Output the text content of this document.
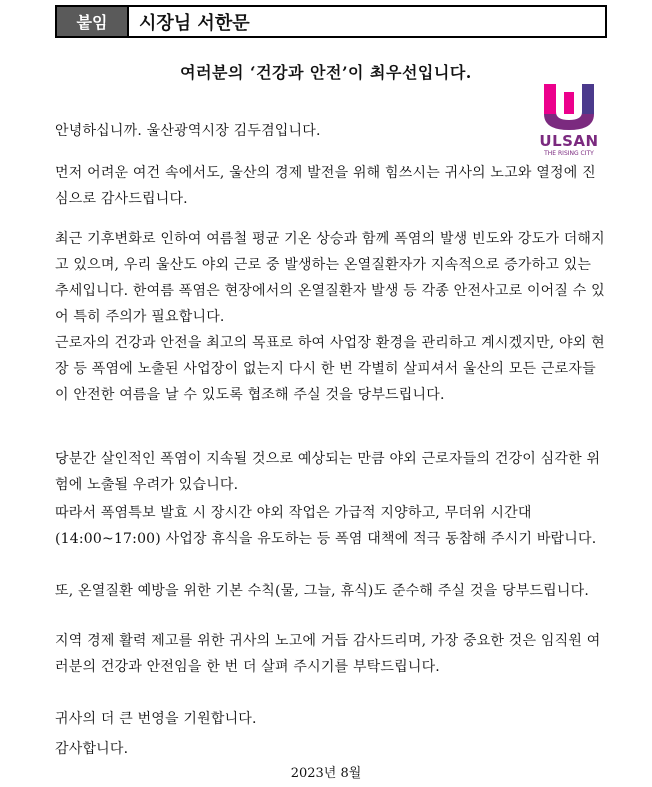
붙임	시장님 서한문
여러분의 ‘건강과 안전’이 최우선입니다.
ULSAN
THE RISING CITY
안녕하십니까. 울산광역시장 김두겸입니다.
먼저 어려운 여건 속에서도, 울산의 경제 발전을 위해 힘쓰시는 귀사의 노고와 열정에 진심으로 감사드립니다.
최근 기후변화로 인하여 여름철 평균 기온 상승과 함께 폭염의 발생 빈도와 강도가 더해지고 있으며, 우리 울산도 야외 근로 중 발생하는 온열질환자가 지속적으로 증가하고 있는 추세입니다. 한여름 폭염은 현장에서의 온열질환자 발생 등 각종 안전사고로 이어질 수 있어 특히 주의가 필요합니다.
근로자의 건강과 안전을 최고의 목표로 하여 사업장 환경을 관리하고 계시겠지만, 야외 현장 등 폭염에 노출된 사업장이 없는지 다시 한 번 각별히 살피셔서 울산의 모든 근로자들이 안전한 여름을 날 수 있도록 협조해 주실 것을 당부드립니다.
당분간 살인적인 폭염이 지속될 것으로 예상되는 만큼 야외 근로자들의 건강이 심각한 위험에 노출될 우려가 있습니다.
따라서 폭염특보 발효 시 장시간 야외 작업은 가급적 지양하고, 무더위 시간대(14:00~17:00) 사업장 휴식을 유도하는 등 폭염 대책에 적극 동참해 주시기 바랍니다.
또, 온열질환 예방을 위한 기본 수칙(물, 그늘, 휴식)도 준수해 주실 것을 당부드립니다.
지역 경제 활력 제고를 위한 귀사의 노고에 거듭 감사드리며, 가장 중요한 것은 임직원 여러분의 건강과 안전임을 한 번 더 살펴 주시기를 부탁드립니다.
귀사의 더 큰 번영을 기원합니다.
감사합니다.
2023년 8월
